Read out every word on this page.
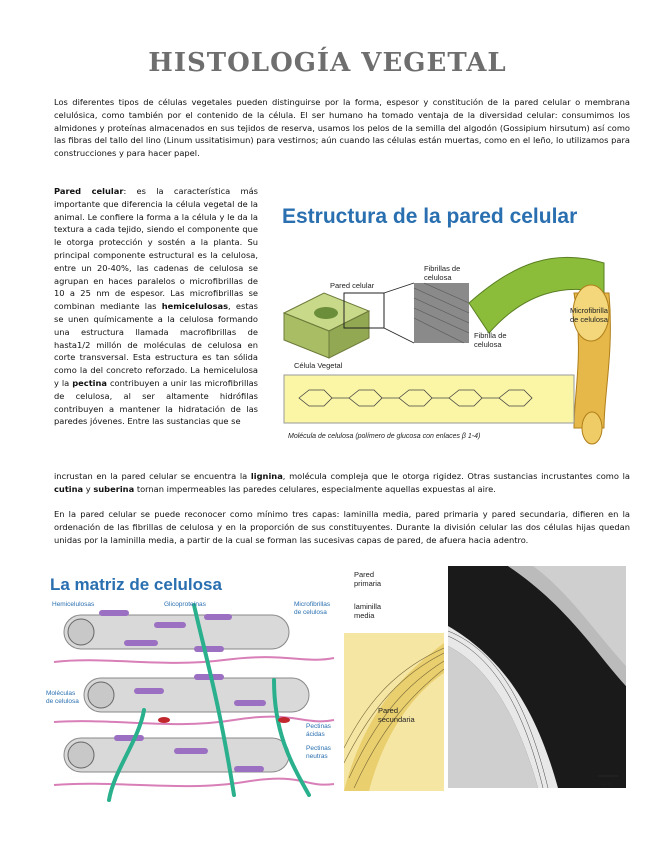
HISTOLOGÍA VEGETAL

Los diferentes tipos de células vegetales pueden distinguirse por la forma, espesor y constitución de la pared celular o membrana celulósica, como también por el contenido de la célula. El ser humano ha tomado ventaja de la diversidad celular: consumimos los almidones y proteínas almacenados en sus tejidos de reserva, usamos los pelos de la semilla del algodón (Gossipium hirsutum) así como las fibras del tallo del lino (Linum ussitatisimun) para vestirnos; aún cuando las células están muertas, como en el leño, lo utilizamos para construcciones y para hacer papel.

Pared celular: es la característica más importante que diferencia la célula vegetal de la animal. Le confiere la forma a la célula y le da la textura a cada tejido, siendo el componente que le otorga protección y sostén a la planta. Su principal componente estructural es la celulosa, entre un 20-40%, las cadenas de celulosa se agrupan en haces paralelos o microfibrillas de 10 a 25 nm de espesor. Las microfibrillas se combinan mediante las hemicelulosas, estas se unen químicamente a la celulosa formando una estructura llamada macrofibrillas de hasta1/2 millón de moléculas de celulosa en corte transversal. Esta estructura es tan sólida como la del concreto reforzado. La hemicelulosa y la pectina contribuyen a unir las microfibrillas de celulosa, al ser altamente hidrófilas contribuyen a mantener la hidratación de las paredes jóvenes. Entre las sustancias que se

incrustan en la pared celular se encuentra la lignina, molécula compleja que le otorga rigidez. Otras sustancias incrustantes como la cutina y suberina tornan impermeables las paredes celulares, especialmente aquellas expuestas al aire.

En la pared celular se puede reconocer como mínimo tres capas: laminilla media, pared primaria y pared secundaria, difieren en la ordenación de las fibrillas de celulosa y en la proporción de sus constituyentes. Durante la división celular las dos células hijas quedan unidas por la laminilla media, a partir de la cual se forman las sucesivas capas de pared, de afuera hacia adentro.

Estructura de la pared celular
Pared celular
Fibrillas de
celulosa
Microfibrilla
de celulosa
Fibrilla de
celulosa
Célula Vegetal
Molécula de celulosa (polímero de glucosa con enlaces β 1-4)
La matriz de celulosa
Hemicelulosas	Glicoproteínas	Microfibrillas
de celulosa
Moléculas
de celulosa
Pectinas
ácidas
Pectinas
neutras
Pared
primaria
laminilla
media
Pared
secundaria
1μm
